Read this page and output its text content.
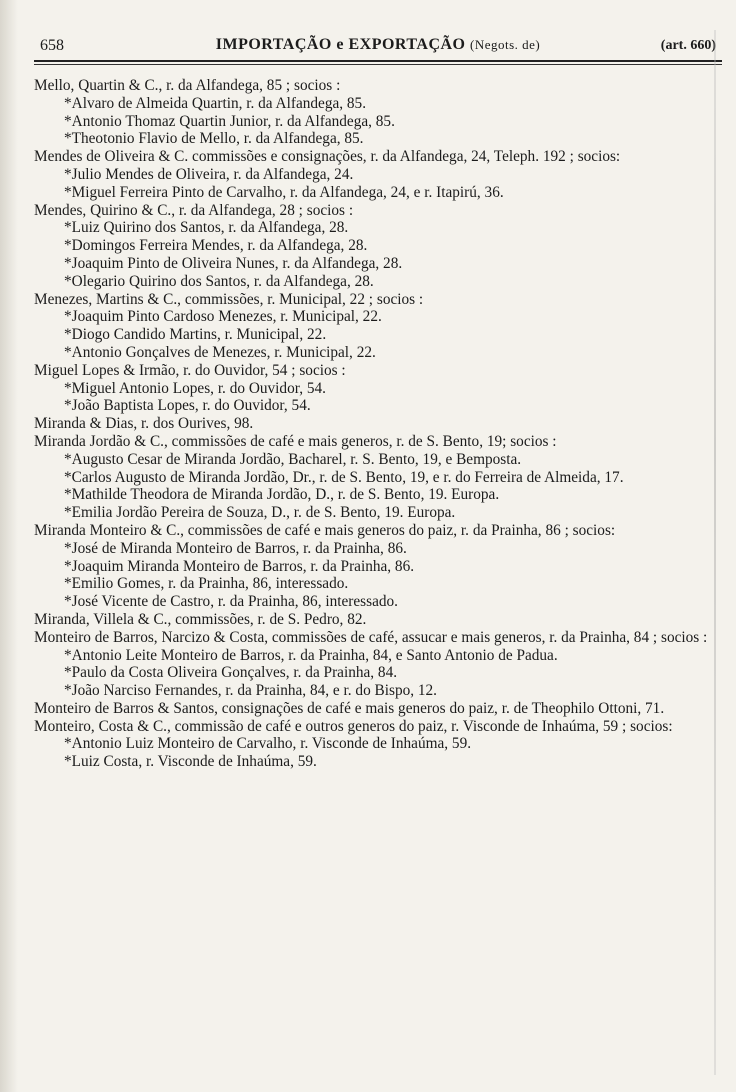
658	IMPORTAÇÃO e EXPORTAÇÃO (Negots. de)	(art. 660)

Mello, Quartin & C., r. da Alfandega, 85 ; socios :

*Alvaro de Almeida Quartin, r. da Alfandega, 85.

*Antonio Thomaz Quartin Junior, r. da Alfandega, 85.

*Theotonio Flavio de Mello, r. da Alfandega, 85.

Mendes de Oliveira & C. commissões e consignações, r. da Alfandega, 24, Teleph. 192 ; socios:

*Julio Mendes de Oliveira, r. da Alfandega, 24.

*Miguel Ferreira Pinto de Carvalho, r. da Alfandega, 24, e r. Itapirú, 36.

Mendes, Quirino & C., r. da Alfandega, 28 ; socios :

*Luiz Quirino dos Santos, r. da Alfandega, 28.

*Domingos Ferreira Mendes, r. da Alfandega, 28.

*Joaquim Pinto de Oliveira Nunes, r. da Alfandega, 28.

*Olegario Quirino dos Santos, r. da Alfandega, 28.

Menezes, Martins & C., commissões, r. Municipal, 22 ; socios :

*Joaquim Pinto Cardoso Menezes, r. Municipal, 22.

*Diogo Candido Martins, r. Municipal, 22.

*Antonio Gonçalves de Menezes, r. Municipal, 22.

Miguel Lopes & Irmão, r. do Ouvidor, 54 ; socios :

*Miguel Antonio Lopes, r. do Ouvidor, 54.

*João Baptista Lopes, r. do Ouvidor, 54.

Miranda & Dias, r. dos Ourives, 98.

Miranda Jordão & C., commissões de café e mais generos, r. de S. Bento, 19; socios :

*Augusto Cesar de Miranda Jordão, Bacharel, r. S. Bento, 19, e Bemposta.

*Carlos Augusto de Miranda Jordão, Dr., r. de S. Bento, 19, e r. do Ferreira de Almeida, 17.

*Mathilde Theodora de Miranda Jordão, D., r. de S. Bento, 19. Europa.

*Emilia Jordão Pereira de Souza, D., r. de S. Bento, 19. Europa.

Miranda Monteiro & C., commissões de café e mais generos do paiz, r. da Prainha, 86 ; socios:

*José de Miranda Monteiro de Barros, r. da Prainha, 86.

*Joaquim Miranda Monteiro de Barros, r. da Prainha, 86.

*Emilio Gomes, r. da Prainha, 86, interessado.

*José Vicente de Castro, r. da Prainha, 86, interessado.

Miranda, Villela & C., commissões, r. de S. Pedro, 82.

Monteiro de Barros, Narcizo & Costa, commissões de café, assucar e mais generos, r. da Prainha, 84 ; socios :

*Antonio Leite Monteiro de Barros, r. da Prainha, 84, e Santo Antonio de Padua.

*Paulo da Costa Oliveira Gonçalves, r. da Prainha, 84.

*João Narciso Fernandes, r. da Prainha, 84, e r. do Bispo, 12.

Monteiro de Barros & Santos, consignações de café e mais generos do paiz, r. de Theophilo Ottoni, 71.

Monteiro, Costa & C., commissão de café e outros generos do paiz, r. Visconde de Inhaúma, 59 ; socios:

*Antonio Luiz Monteiro de Carvalho, r. Visconde de Inhaúma, 59.

*Luiz Costa, r. Visconde de Inhaúma, 59.
